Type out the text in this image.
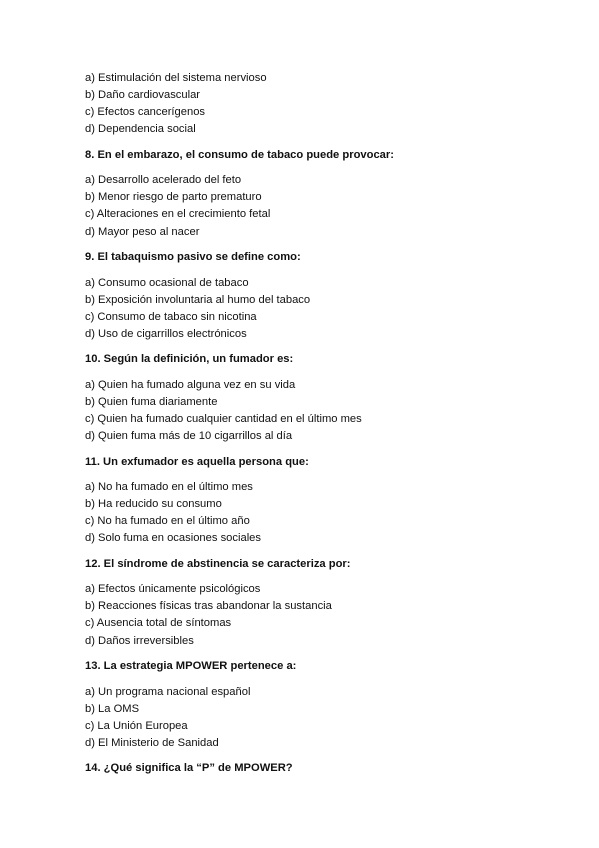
a) Estimulación del sistema nervioso
b) Daño cardiovascular
c) Efectos cancerígenos
d) Dependencia social
8. En el embarazo, el consumo de tabaco puede provocar:
a) Desarrollo acelerado del feto
b) Menor riesgo de parto prematuro
c) Alteraciones en el crecimiento fetal
d) Mayor peso al nacer
9. El tabaquismo pasivo se define como:
a) Consumo ocasional de tabaco
b) Exposición involuntaria al humo del tabaco
c) Consumo de tabaco sin nicotina
d) Uso de cigarrillos electrónicos
10. Según la definición, un fumador es:
a) Quien ha fumado alguna vez en su vida
b) Quien fuma diariamente
c) Quien ha fumado cualquier cantidad en el último mes
d) Quien fuma más de 10 cigarrillos al día
11. Un exfumador es aquella persona que:
a) No ha fumado en el último mes
b) Ha reducido su consumo
c) No ha fumado en el último año
d) Solo fuma en ocasiones sociales
12. El síndrome de abstinencia se caracteriza por:
a) Efectos únicamente psicológicos
b) Reacciones físicas tras abandonar la sustancia
c) Ausencia total de síntomas
d) Daños irreversibles
13. La estrategia MPOWER pertenece a:
a) Un programa nacional español
b) La OMS
c) La Unión Europea
d) El Ministerio de Sanidad
14. ¿Qué significa la “P” de MPOWER?
